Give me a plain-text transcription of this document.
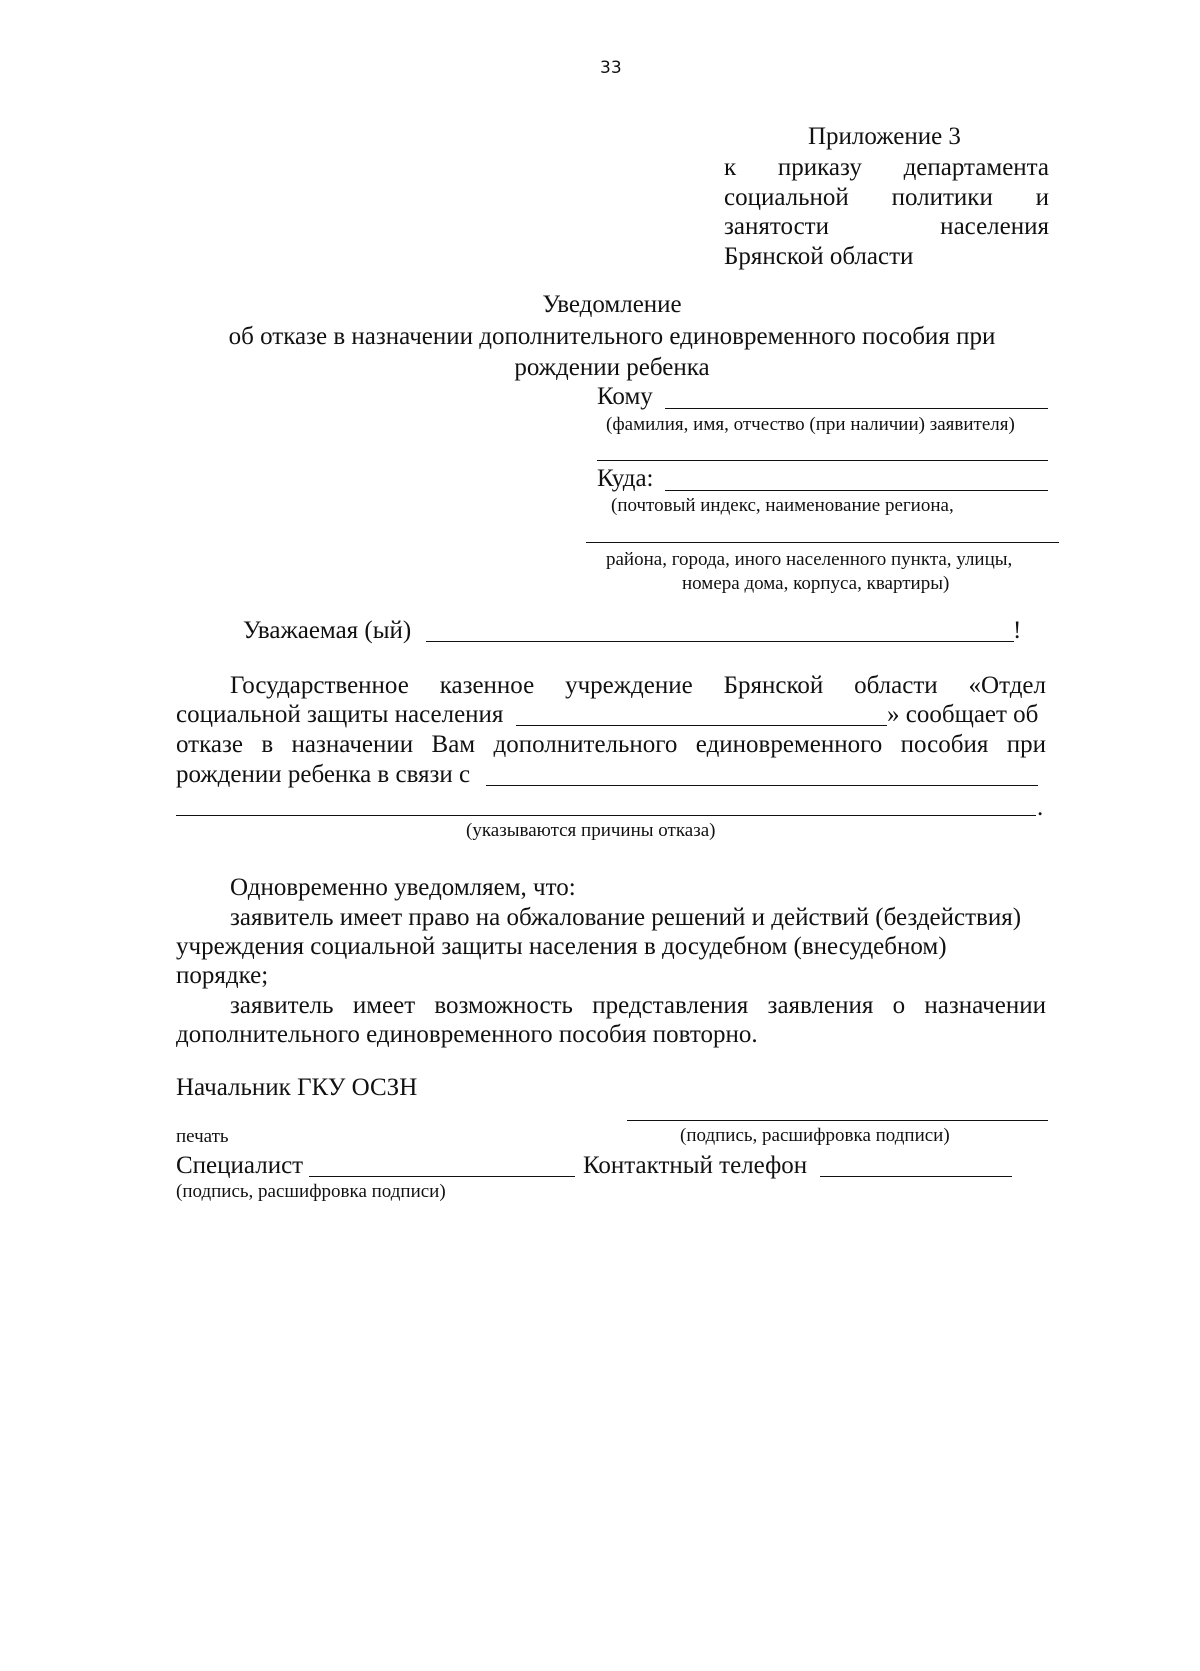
33
Приложение 3
к приказу департамента
социальной политики и
занятости населения
Брянской области
Уведомление
об отказе в назначении дополнительного единовременного пособия при
рождении ребенка
Кому
(фамилия, имя, отчество (при наличии) заявителя)
Куда:
(почтовый индекс, наименование региона,
района, города, иного населенного пункта, улицы,
номера дома, корпуса, квартиры)
Уважаемая (ый)	!
Государственное казенное учреждение Брянской области «Отдел
социальной защиты населения	» сообщает об
отказе в назначении Вам дополнительного единовременного пособия при
рождении ребенка в связи с
.
(указываются причины отказа)
Одновременно уведомляем, что:
заявитель имеет право на обжалование решений и действий (бездействия)
учреждения социальной защиты населения в досудебном (внесудебном)
порядке;
заявитель имеет возможность представления заявления о назначении
дополнительного единовременного пособия повторно.
Начальник ГКУ ОСЗН
печать	(подпись, расшифровка подписи)
Специалист	Контактный телефон
(подпись, расшифровка подписи)
